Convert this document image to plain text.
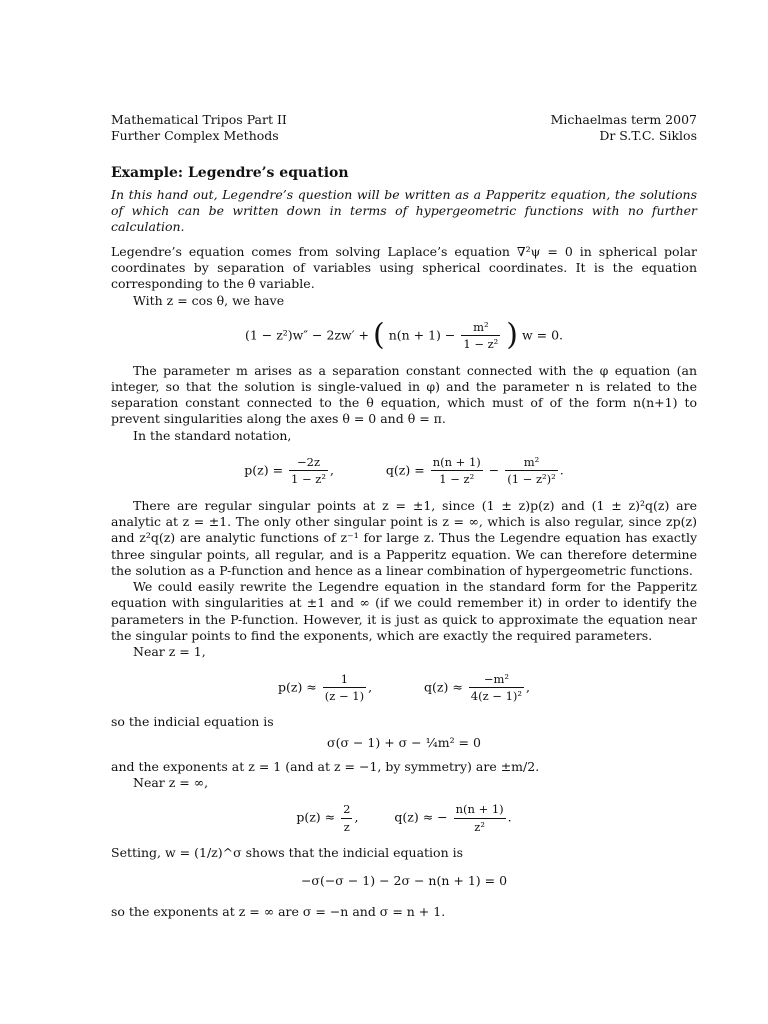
Mathematical Tripos Part II
Further Complex Methods
Michaelmas term 2007
Dr S.T.C. Siklos
Example: Legendre’s equation

In this hand out, Legendre’s question will be written as a Papperitz equation, the solutions of which can be written down in terms of hypergeometric functions with no further calculation.

Legendre’s equation comes from solving Laplace’s equation ∇²ψ = 0 in spherical polar coordinates by separation of variables using spherical coordinates. It is the equation corresponding to the θ variable.

With z = cos θ, we have

(1 − z²)w″ − 2zw′ + ( $n(n + 1) - \frac{\text{m²}}{\text{1 − z²}}$ ) w = 0.

The parameter m arises as a separation constant connected with the φ equation (an integer, so that the solution is single-valued in φ) and the parameter n is related to the separation constant connected to the θ equation, which must of of the form n(n+1) to prevent singularities along the axes θ = 0 and θ = π.

In the standard notation,

$p(z) = \frac{-2z}{\text{1 − z²}}$ ,	$q(z) = \frac{n(n + 1)}{\text{1 − z²}} - \frac{\text{m²}}{\text{(1 − z²)²}}$ .

There are regular singular points at z = ±1, since (1 ± z)p(z) and (1 ± z)²q(z) are analytic at z = ±1. The only other singular point is z = ∞, which is also regular, since zp(z) and z²q(z) are analytic functions of z⁻¹ for large z. Thus the Legendre equation has exactly three singular points, all regular, and is a Papperitz equation. We can therefore determine the solution as a P-function and hence as a linear combination of hypergeometric functions.

We could easily rewrite the Legendre equation in the standard form for the Papperitz equation with singularities at ±1 and ∞ (if we could remember it) in order to identify the parameters in the P-function. However, it is just as quick to approximate the equation near the singular points to find the exponents, which are exactly the required parameters.

Near z = 1,

$p(z) \approx \frac{1}{(z - 1)}$ ,	$q(z) \approx \frac{\text{−m²}}{\text{4(z − 1)²}}$ ,

so the indicial equation is

σ(σ − 1) + σ − ¼m² = 0

and the exponents at z = 1 (and at z = −1, by symmetry) are ±m/2.

Near z = ∞,

$p(z) \approx \frac{2}{z}$ ,	q(z) ≈ − $\frac{n(n + 1)}{\text{z²}}$ .

Setting, w = (1/z)^σ shows that the indicial equation is

−σ(−σ − 1) − 2σ − n(n + 1) = 0

so the exponents at z = ∞ are σ = −n and σ = n + 1.
